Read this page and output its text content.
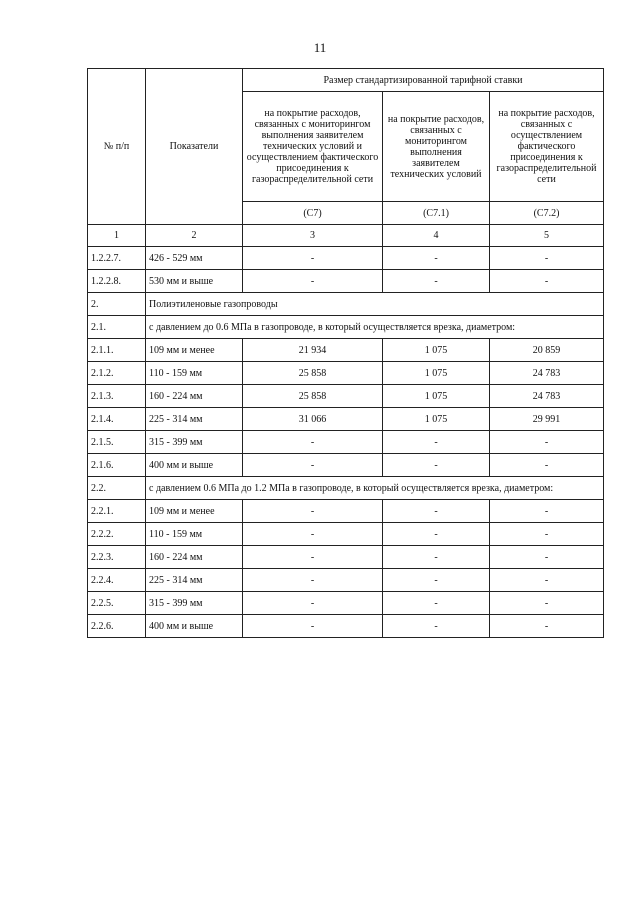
11
№ п/п	Показатели	Размер стандартизированной тарифной ставки		
		на покрытие расходов, связанных с мониторингом выполнения заявителем технических условий и осуществлением фактического присоединения к газораспределительной сети	на покрытие расходов, связанных с мониторингом выполнения заявителем технических условий	на покрытие расходов, связанных с осуществлением фактического присоединения к газораспределительной сети
		(С7)	(С7.1)	(С7.2)
1	2	3	4	5
1.2.2.7.	426 - 529 мм	-	-	-
1.2.2.8.	530 мм и выше	-	-	-
2.	Полиэтиленовые газопроводы			
2.1.	с давлением до 0.6 МПа в газопроводе, в который осуществляется врезка, диаметром:			
2.1.1.	109 мм и менее	21 934	1 075	20 859
2.1.2.	110 - 159 мм	25 858	1 075	24 783
2.1.3.	160 - 224 мм	25 858	1 075	24 783
2.1.4.	225 - 314 мм	31 066	1 075	29 991
2.1.5.	315 - 399 мм	-	-	-
2.1.6.	400 мм и выше	-	-	-
2.2.	с давлением 0.6 МПа до 1.2 МПа в газопроводе, в который осуществляется врезка, диаметром:			
2.2.1.	109 мм и менее	-	-	-
2.2.2.	110 - 159 мм	-	-	-
2.2.3.	160 - 224 мм	-	-	-
2.2.4.	225 - 314 мм	-	-	-
2.2.5.	315 - 399 мм	-	-	-
2.2.6.	400 мм и выше	-	-	-
